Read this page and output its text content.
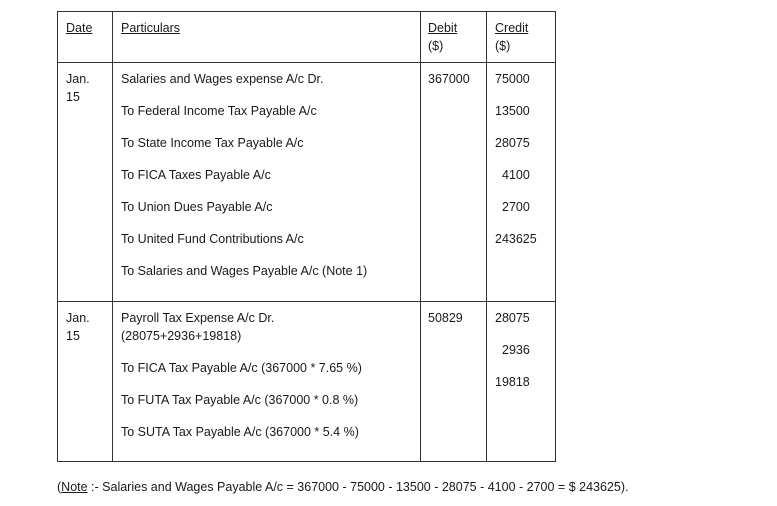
Date Particulars	Debit
($)
Credit
($)
Jan.
15
Salaries and Wages expense A/c Dr.
To Federal Income Tax Payable A/c
To State Income Tax Payable A/c
To FICA Taxes Payable A/c
To Union Dues Payable A/c
To United Fund Contributions A/c
To Salaries and Wages Payable A/c (Note 1)
367000 75000
13500
28075
4100
2700
243625
Jan.
15
Payroll Tax Expense A/c Dr.
(28075+2936+19818)
To FICA Tax Payable A/c (367000 * 7.65 %)
To FUTA Tax Payable A/c (367000 * 0.8 %)
To SUTA Tax Payable A/c (367000 * 5.4 %)
50829	28075
2936
19818
(Note :- Salaries and Wages Payable A/c = 367000 - 75000 - 13500 - 28075 - 4100 - 2700 = $ 243625).
